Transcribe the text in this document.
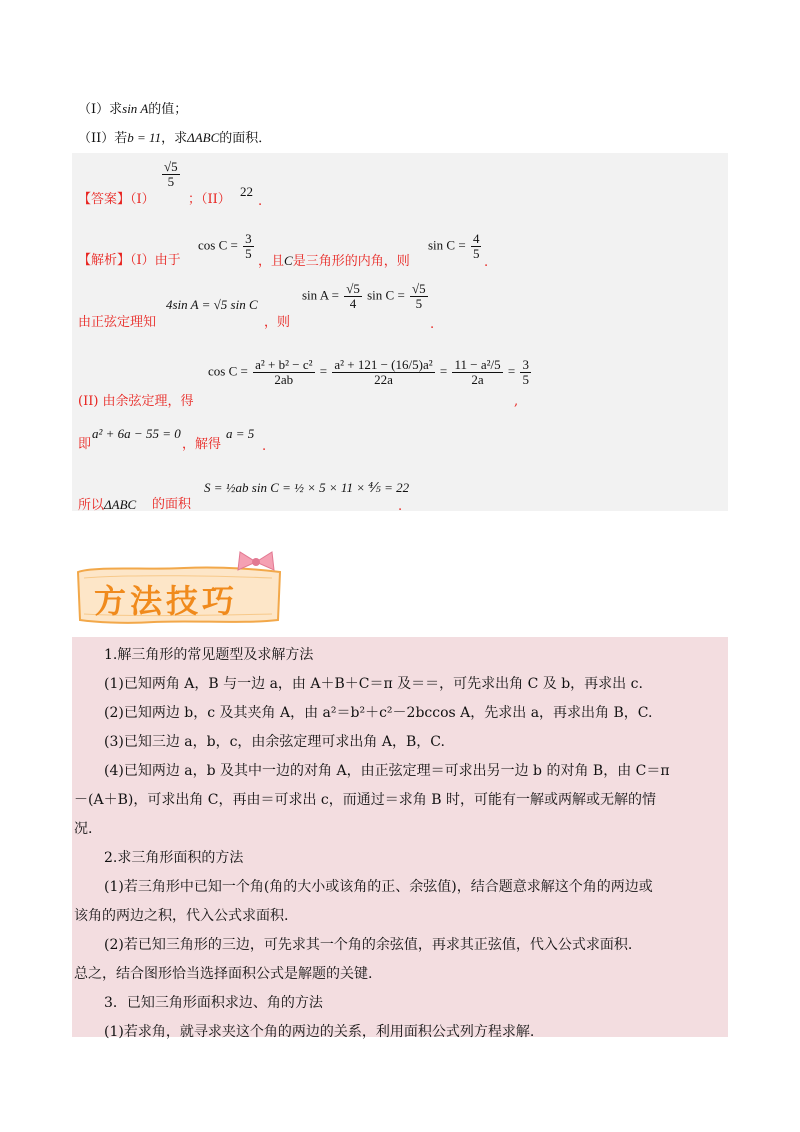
（I）求sin A的值；
（II）若b = 11，求ΔABC的面积．
【答案】（I）
$\frac{√5}{5}$
；（II）
22
.
【解析】（I）由于
$\cos C = \frac{3}{5}$
，且C是三角形的内角，则
$\sin C = \frac{4}{5}$
.
由正弦定理知
4sin A = √5 sin C
，则
$\sin A = \frac{√5}{4}$ $\sin C = \frac{√5}{5}$
.
(II) 由余弦定理，得
$\cos C = \frac{\text{a² + b² − c²}}{2ab} = \frac{\text{a² + 121 − (16/5)a²}}{22a} = \frac{\text{11 − a²/5}}{2a} = \frac{3}{5}$
,
即
a² + 6a − 55 = 0
，解得
a = 5
.
所以ΔABC 的面积
S = ½ab sin C = ½ × 5 × 11 × ⅘ = 22
.
方法技巧
1.解三角形的常见题型及求解方法
(1)已知两角 A，B 与一边 a，由 A＋B＋C＝π 及＝＝，可先求出角 C 及 b，再求出 c.
(2)已知两边 b，c 及其夹角 A，由 a²＝b²＋c²－2bccos A，先求出 a，再求出角 B，C.
(3)已知三边 a，b，c，由余弦定理可求出角 A，B，C.
(4)已知两边 a，b 及其中一边的对角 A，由正弦定理＝可求出另一边 b 的对角 B，由 C＝π
－(A＋B)，可求出角 C，再由＝可求出 c，而通过＝求角 B 时，可能有一解或两解或无解的情
况.
2.求三角形面积的方法
(1)若三角形中已知一个角(角的大小或该角的正、余弦值)，结合题意求解这个角的两边或
该角的两边之积，代入公式求面积.
(2)若已知三角形的三边，可先求其一个角的余弦值，再求其正弦值，代入公式求面积.
总之，结合图形恰当选择面积公式是解题的关键.
3．已知三角形面积求边、角的方法
(1)若求角，就寻求夹这个角的两边的关系，利用面积公式列方程求解.
